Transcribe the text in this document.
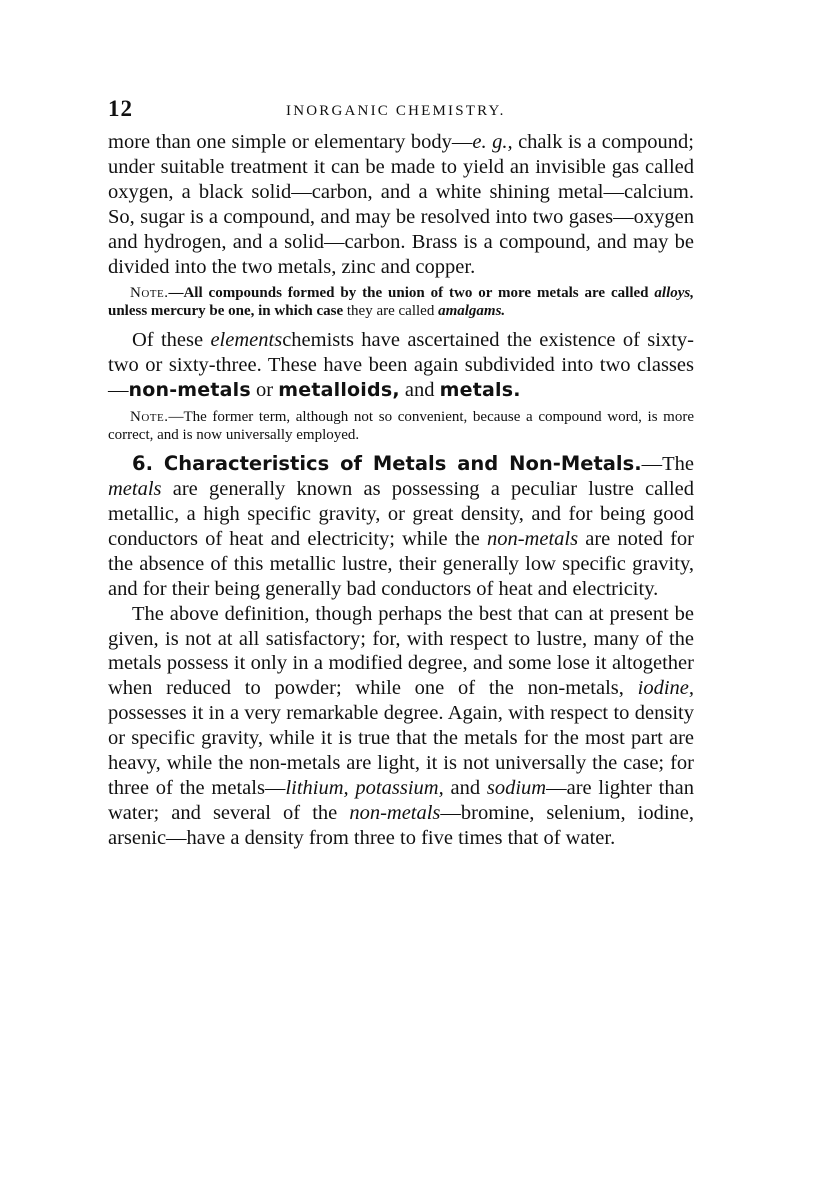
12	INORGANIC CHEMISTRY.

more than one simple or elementary body—e. g., chalk is a compound; under suitable treatment it can be made to yield an invisible gas called oxygen, a black solid—carbon, and a white shining metal—calcium. So, sugar is a compound, and may be resolved into two gases—oxygen and hydrogen, and a solid—carbon. Brass is a compound, and may be divided into the two metals, zinc and copper.

Note.—All compounds formed by the union of two or more metals are called alloys, unless mercury be one, in which case they are called amalgams.

Of these elementschemists have ascertained the existence of sixty-two or sixty-three. These have been again subdivided into two classes—non-metals or metalloids, and metals.

Note.—The former term, although not so convenient, because a compound word, is more correct, and is now universally employed.

6. Characteristics of Metals and Non-Metals.—The metals are generally known as possessing a peculiar lustre called metallic, a high specific gravity, or great density, and for being good conductors of heat and electricity; while the non-metals are noted for the absence of this metallic lustre, their generally low specific gravity, and for their being generally bad conductors of heat and electricity.

The above definition, though perhaps the best that can at present be given, is not at all satisfactory; for, with respect to lustre, many of the metals possess it only in a modified degree, and some lose it altogether when reduced to powder; while one of the non-metals, iodine, possesses it in a very remarkable degree. Again, with respect to density or specific gravity, while it is true that the metals for the most part are heavy, while the non-metals are light, it is not universally the case; for three of the metals—lithium, potassium, and sodium—are lighter than water; and several of the non-metals—bromine, selenium, iodine, arsenic—have a density from three to five times that of water.
